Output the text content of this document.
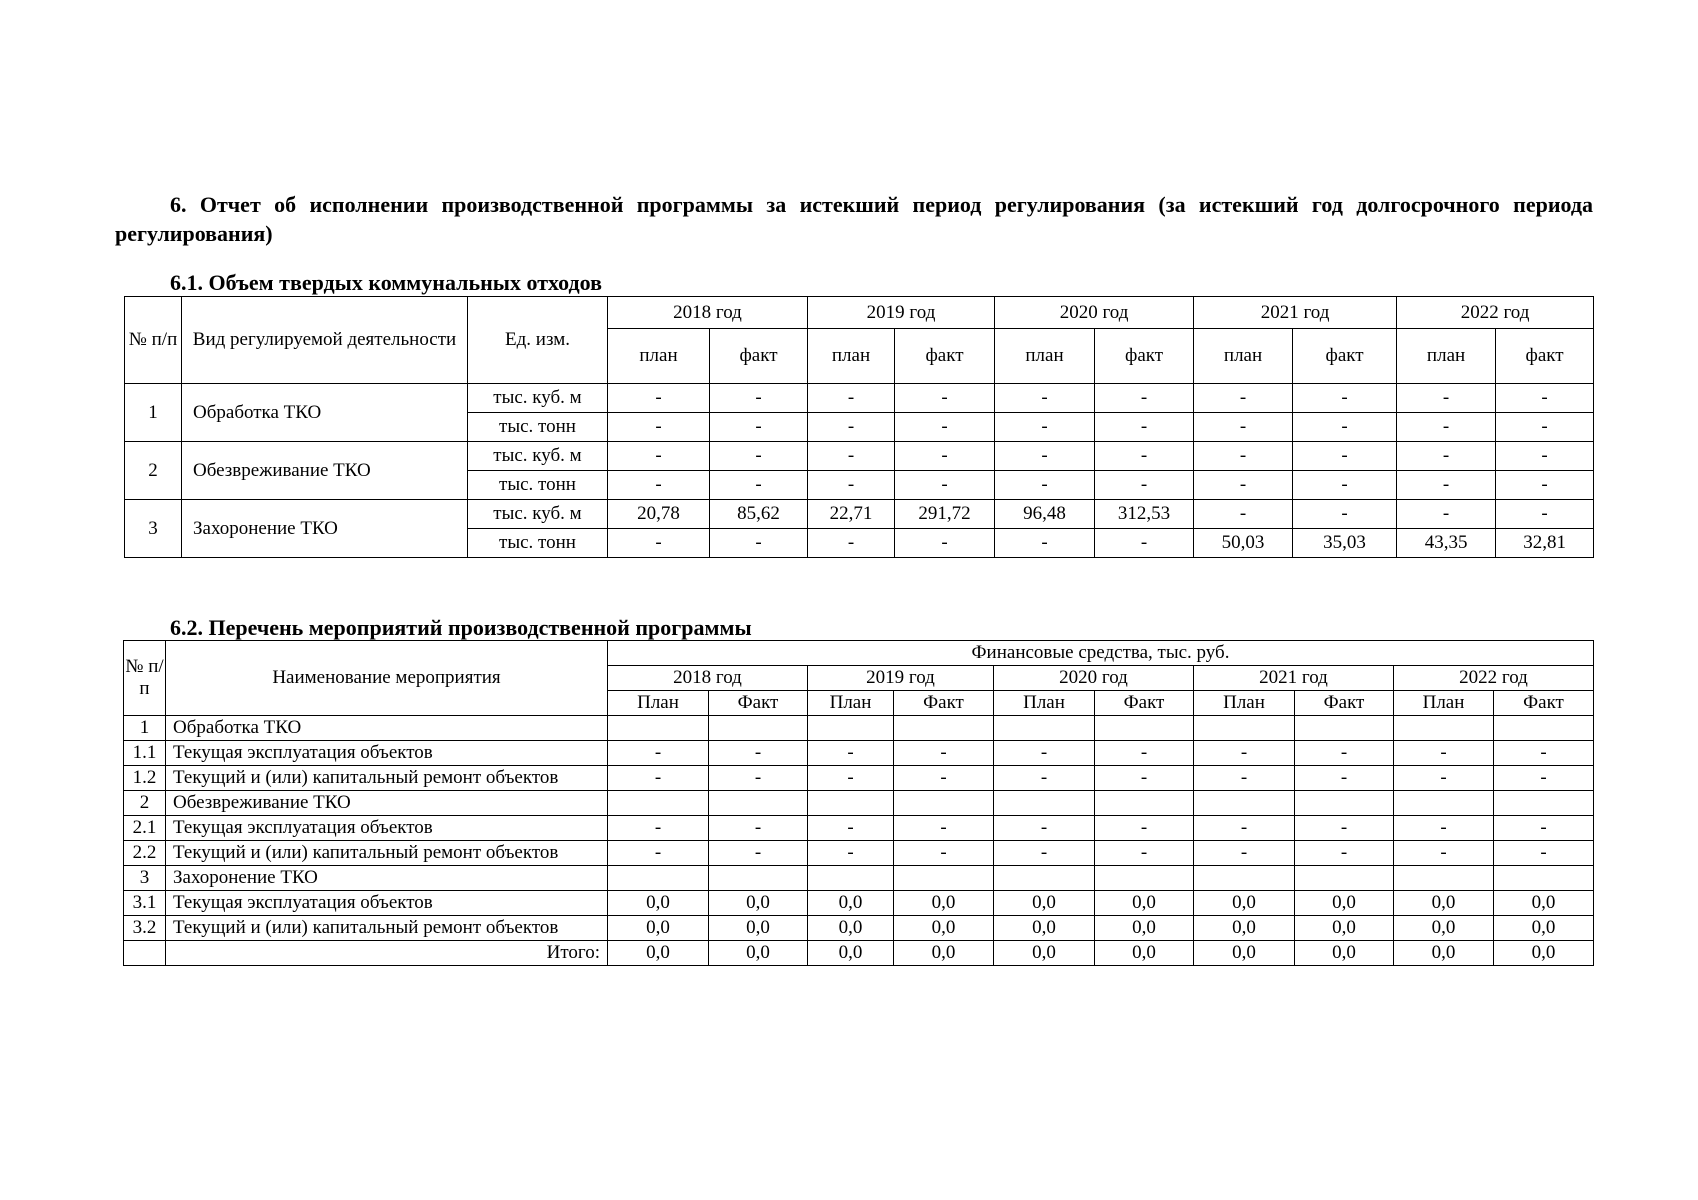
6. Отчет об исполнении производственной программы за истекший период регулирования (за истекший год долгосрочного периода регулирования)
6.1. Объем твердых коммунальных отходов
№ п/п	Вид регулируемой деятельности	Ед. изм.	2018 год		2019 год		2020 год		2021 год		2022 год	
			план	факт	план	факт	план	факт	план	факт	план	факт
1	Обработка ТКО	тыс. куб. м	-	-	-	-	-	-	-	-	-	-
		тыс. тонн	-	-	-	-	-	-	-	-	-	-
2	Обезвреживание ТКО	тыс. куб. м	-	-	-	-	-	-	-	-	-	-
		тыс. тонн	-	-	-	-	-	-	-	-	-	-
3	Захоронение ТКО	тыс. куб. м	20,78	85,62	22,71	291,72	96,48	312,53	-	-	-	-
		тыс. тонн	-	-	-	-	-	-	50,03	35,03	43,35	32,81
6.2. Перечень мероприятий производственной программы
№ п/п	Наименование мероприятия	Финансовые средства, тыс. руб.									
		2018 год		2019 год		2020 год		2021 год		2022 год	
		План	Факт	План	Факт	План	Факт	План	Факт	План	Факт
1	Обработка ТКО										
1.1	Текущая эксплуатация объектов	-	-	-	-	-	-	-	-	-	-
1.2	Текущий и (или) капитальный ремонт объектов	-	-	-	-	-	-	-	-	-	-
2	Обезвреживание ТКО										
2.1	Текущая эксплуатация объектов	-	-	-	-	-	-	-	-	-	-
2.2	Текущий и (или) капитальный ремонт объектов	-	-	-	-	-	-	-	-	-	-
3	Захоронение ТКО										
3.1	Текущая эксплуатация объектов	0,0	0,0	0,0	0,0	0,0	0,0	0,0	0,0	0,0	0,0
3.2	Текущий и (или) капитальный ремонт объектов	0,0	0,0	0,0	0,0	0,0	0,0	0,0	0,0	0,0	0,0
	Итого:	0,0	0,0	0,0	0,0	0,0	0,0	0,0	0,0	0,0	0,0
